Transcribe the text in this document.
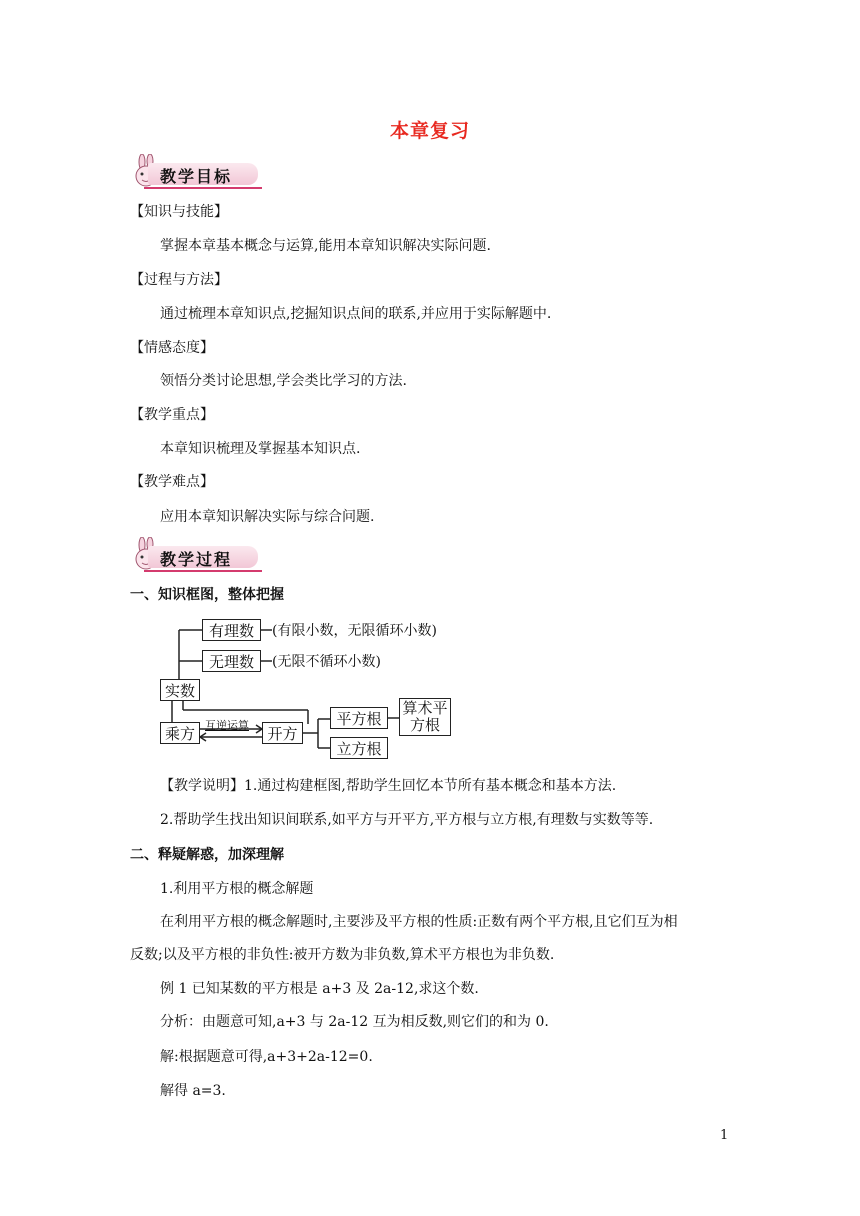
本章复习
教学目标
【知识与技能】
掌握本章基本概念与运算,能用本章知识解决实际问题.
【过程与方法】
通过梳理本章知识点,挖掘知识点间的联系,并应用于实际解题中.
【情感态度】
领悟分类讨论思想,学会类比学习的方法.
【教学重点】
本章知识梳理及掌握基本知识点.
【教学难点】
应用本章知识解决实际与综合问题.
教学过程
一、知识框图，整体把握
有理数	(有限小数，无限循环小数)
无理数	(无限不循环小数)
实数
乘方 互逆运算	开方
平方根
算术平
方根
立方根
【教学说明】1.通过构建框图,帮助学生回忆本节所有基本概念和基本方法.
2.帮助学生找出知识间联系,如平方与开平方,平方根与立方根,有理数与实数等等.
二、释疑解惑，加深理解
1.利用平方根的概念解题
在利用平方根的概念解题时,主要涉及平方根的性质:正数有两个平方根,且它们互为相
反数;以及平方根的非负性:被开方数为非负数,算术平方根也为非负数.
例 1 已知某数的平方根是 a+3 及 2a-12,求这个数.
分析：由题意可知,a+3 与 2a-12 互为相反数,则它们的和为 0.
解:根据题意可得,a+3+2a-12=0.
解得 a=3.
1
